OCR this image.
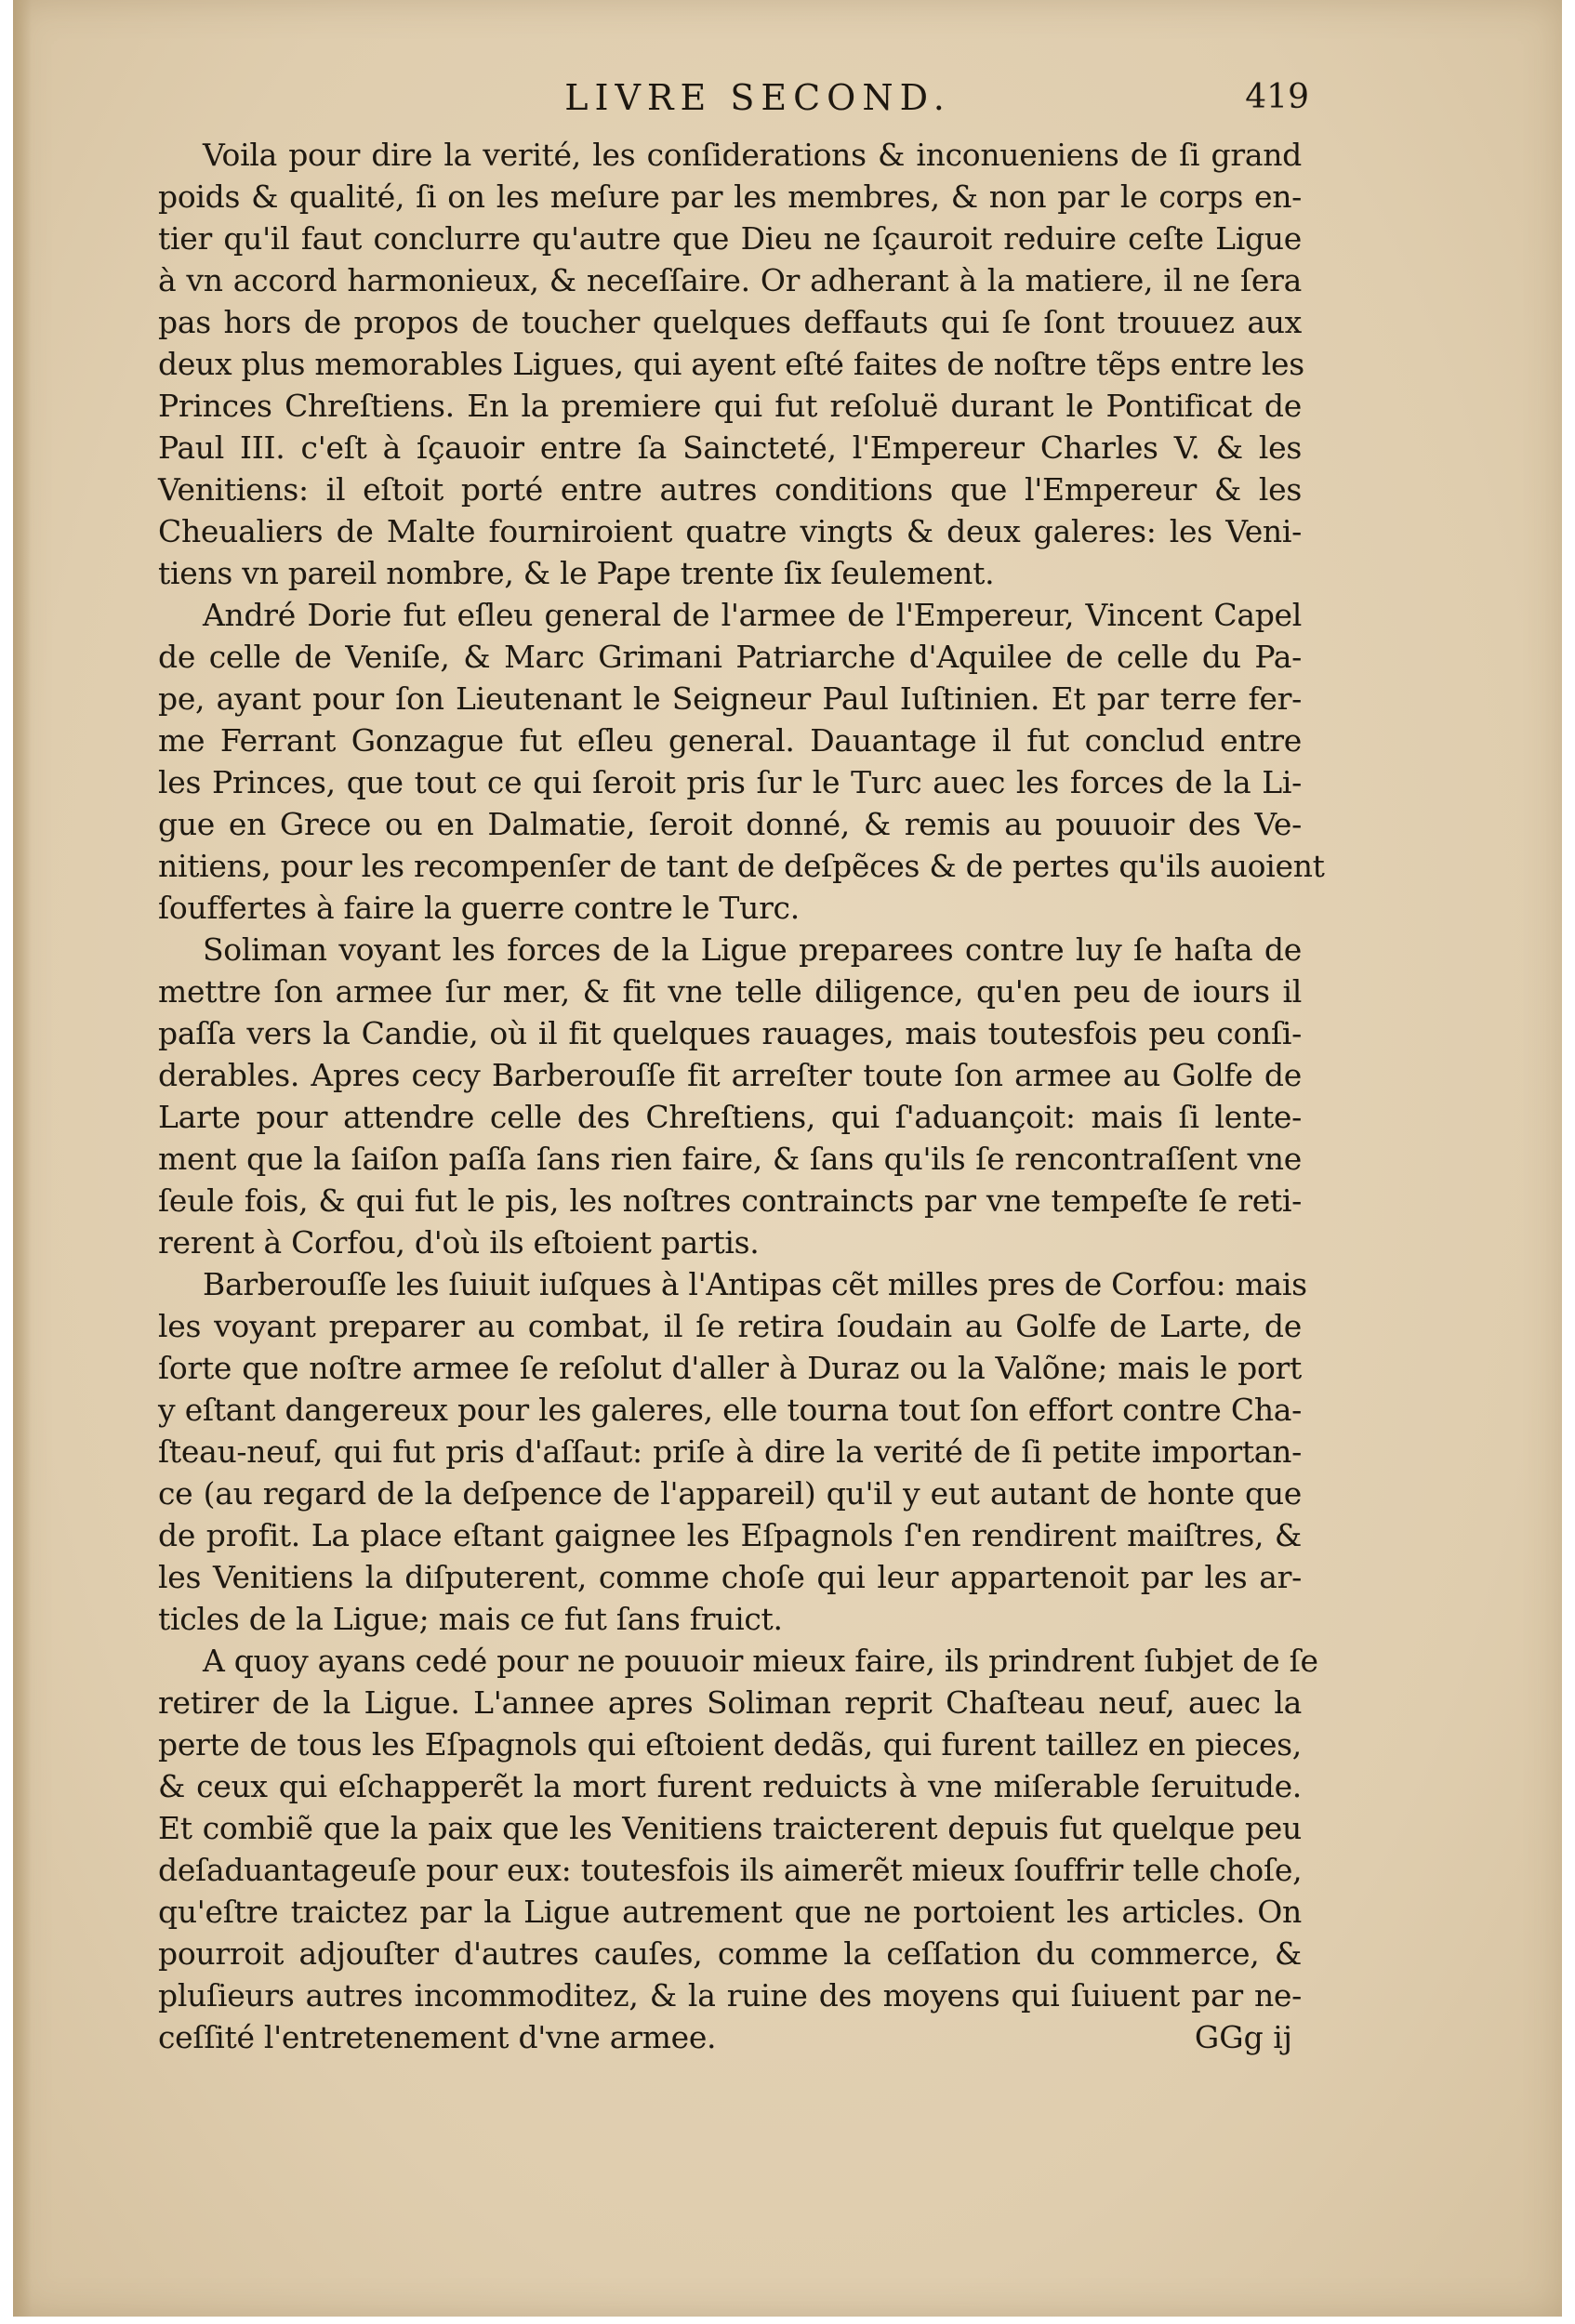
LIVRE SECOND.	419
Voila pour dire la verité, les conſiderations & inconueniens de ſi grand
poids & qualité, ſi on les meſure par les membres, & non par le corps en-
tier qu'il faut conclurre qu'autre que Dieu ne ſçauroit reduire ceſte Ligue
à vn accord harmonieux, & neceſſaire. Or adherant à la matiere, il ne ſera
pas hors de propos de toucher quelques deffauts qui ſe ſont trouuez aux
deux plus memorables Ligues, qui ayent eſté faites de noſtre tẽps entre les
Princes Chreſtiens. En la premiere qui fut reſoluë durant le Pontificat de
Paul III. c'eſt à ſçauoir entre ſa Saincteté, l'Empereur Charles V. & les
Venitiens: il eſtoit porté entre autres conditions que l'Empereur & les
Cheualiers de Malte fourniroient quatre vingts & deux galeres: les Veni-
tiens vn pareil nombre, & le Pape trente ſix ſeulement.
André Dorie fut eſleu general de l'armee de l'Empereur, Vincent Capel
de celle de Veniſe, & Marc Grimani Patriarche d'Aquilee de celle du Pa-
pe, ayant pour ſon Lieutenant le Seigneur Paul Iuſtinien. Et par terre fer-
me Ferrant Gonzague fut eſleu general. Dauantage il fut conclud entre
les Princes, que tout ce qui ſeroit pris ſur le Turc auec les forces de la Li-
gue en Grece ou en Dalmatie, ſeroit donné, & remis au pouuoir des Ve-
nitiens, pour les recompenſer de tant de deſpẽces & de pertes qu'ils auoient
ſouffertes à faire la guerre contre le Turc.
Soliman voyant les forces de la Ligue preparees contre luy ſe haſta de
mettre ſon armee ſur mer, & fit vne telle diligence, qu'en peu de iours il
paſſa vers la Candie, où il fit quelques rauages, mais toutesfois peu conſi-
derables. Apres cecy Barberouſſe fit arreſter toute ſon armee au Golfe de
Larte pour attendre celle des Chreſtiens, qui ſ'aduançoit: mais ſi lente-
ment que la ſaiſon paſſa ſans rien faire, & ſans qu'ils ſe rencontraſſent vne
ſeule fois, & qui fut le pis, les noſtres contraincts par vne tempeſte ſe reti-
rerent à Corfou, d'où ils eſtoient partis.
Barberouſſe les ſuiuit iuſques à l'Antipas cẽt milles pres de Corfou: mais
les voyant preparer au combat, il ſe retira ſoudain au Golfe de Larte, de
ſorte que noſtre armee ſe reſolut d'aller à Duraz ou la Valõne; mais le port
y eſtant dangereux pour les galeres, elle tourna tout ſon effort contre Cha-
ſteau-neuf, qui fut pris d'aſſaut: priſe à dire la verité de ſi petite importan-
ce (au regard de la deſpence de l'appareil) qu'il y eut autant de honte que
de profit. La place eſtant gaignee les Eſpagnols ſ'en rendirent maiſtres, &
les Venitiens la diſputerent, comme choſe qui leur appartenoit par les ar-
ticles de la Ligue; mais ce fut ſans fruict.
A quoy ayans cedé pour ne pouuoir mieux faire, ils prindrent ſubjet de ſe
retirer de la Ligue. L'annee apres Soliman reprit Chaſteau neuf, auec la
perte de tous les Eſpagnols qui eſtoient dedãs, qui furent taillez en pieces,
& ceux qui eſchapperẽt la mort furent reduicts à vne miſerable ſeruitude.
Et combiẽ que la paix que les Venitiens traicterent depuis fut quelque peu
deſaduantageuſe pour eux: toutesfois ils aimerẽt mieux ſouffrir telle choſe,
qu'eſtre traictez par la Ligue autrement que ne portoient les articles. On
pourroit adjouſter d'autres cauſes, comme la ceſſation du commerce, &
pluſieurs autres incommoditez, & la ruine des moyens qui ſuiuent par ne-
ceſſité l'entretenement d'vne armee.	GGg ij
